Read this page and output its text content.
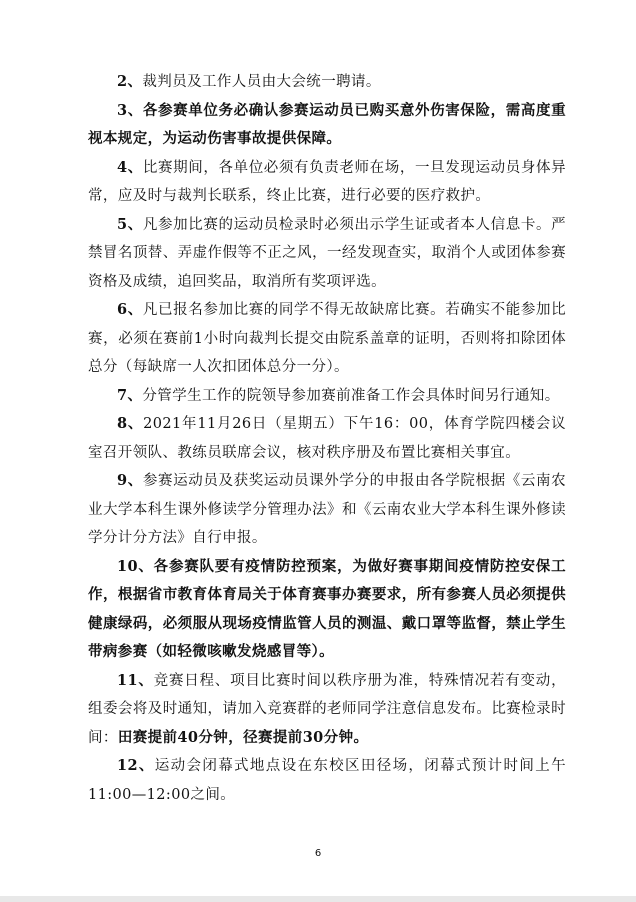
2、裁判员及工作人员由大会统一聘请。

3、各参赛单位务必确认参赛运动员已购买意外伤害保险，需高度重视本规定，为运动伤害事故提供保障。

4、比赛期间，各单位必须有负责老师在场，一旦发现运动员身体异常，应及时与裁判长联系，终止比赛，进行必要的医疗救护。

5、凡参加比赛的运动员检录时必须出示学生证或者本人信息卡。严禁冒名顶替、弄虚作假等不正之风，一经发现查实，取消个人或团体参赛资格及成绩，追回奖品，取消所有奖项评选。

6、凡已报名参加比赛的同学不得无故缺席比赛。若确实不能参加比赛，必须在赛前1小时向裁判长提交由院系盖章的证明，否则将扣除团体总分（每缺席一人次扣团体总分一分）。

7、分管学生工作的院领导参加赛前准备工作会具体时间另行通知。

8、2021年11月26日（星期五）下午16：00，体育学院四楼会议室召开领队、教练员联席会议，核对秩序册及布置比赛相关事宜。

9、参赛运动员及获奖运动员课外学分的申报由各学院根据《云南农业大学本科生课外修读学分管理办法》和《云南农业大学本科生课外修读学分计分方法》自行申报。

10、各参赛队要有疫情防控预案，为做好赛事期间疫情防控安保工作，根据省市教育体育局关于体育赛事办赛要求，所有参赛人员必须提供健康绿码，必须服从现场疫情监管人员的测温、戴口罩等监督，禁止学生带病参赛（如轻微咳嗽发烧感冒等）。

11、竞赛日程、项目比赛时间以秩序册为准，特殊情况若有变动，组委会将及时通知，请加入竞赛群的老师同学注意信息发布。比赛检录时间：田赛提前40分钟，径赛提前30分钟。

12、运动会闭幕式地点设在东校区田径场，闭幕式预计时间上午11:00—12:00之间。

6
